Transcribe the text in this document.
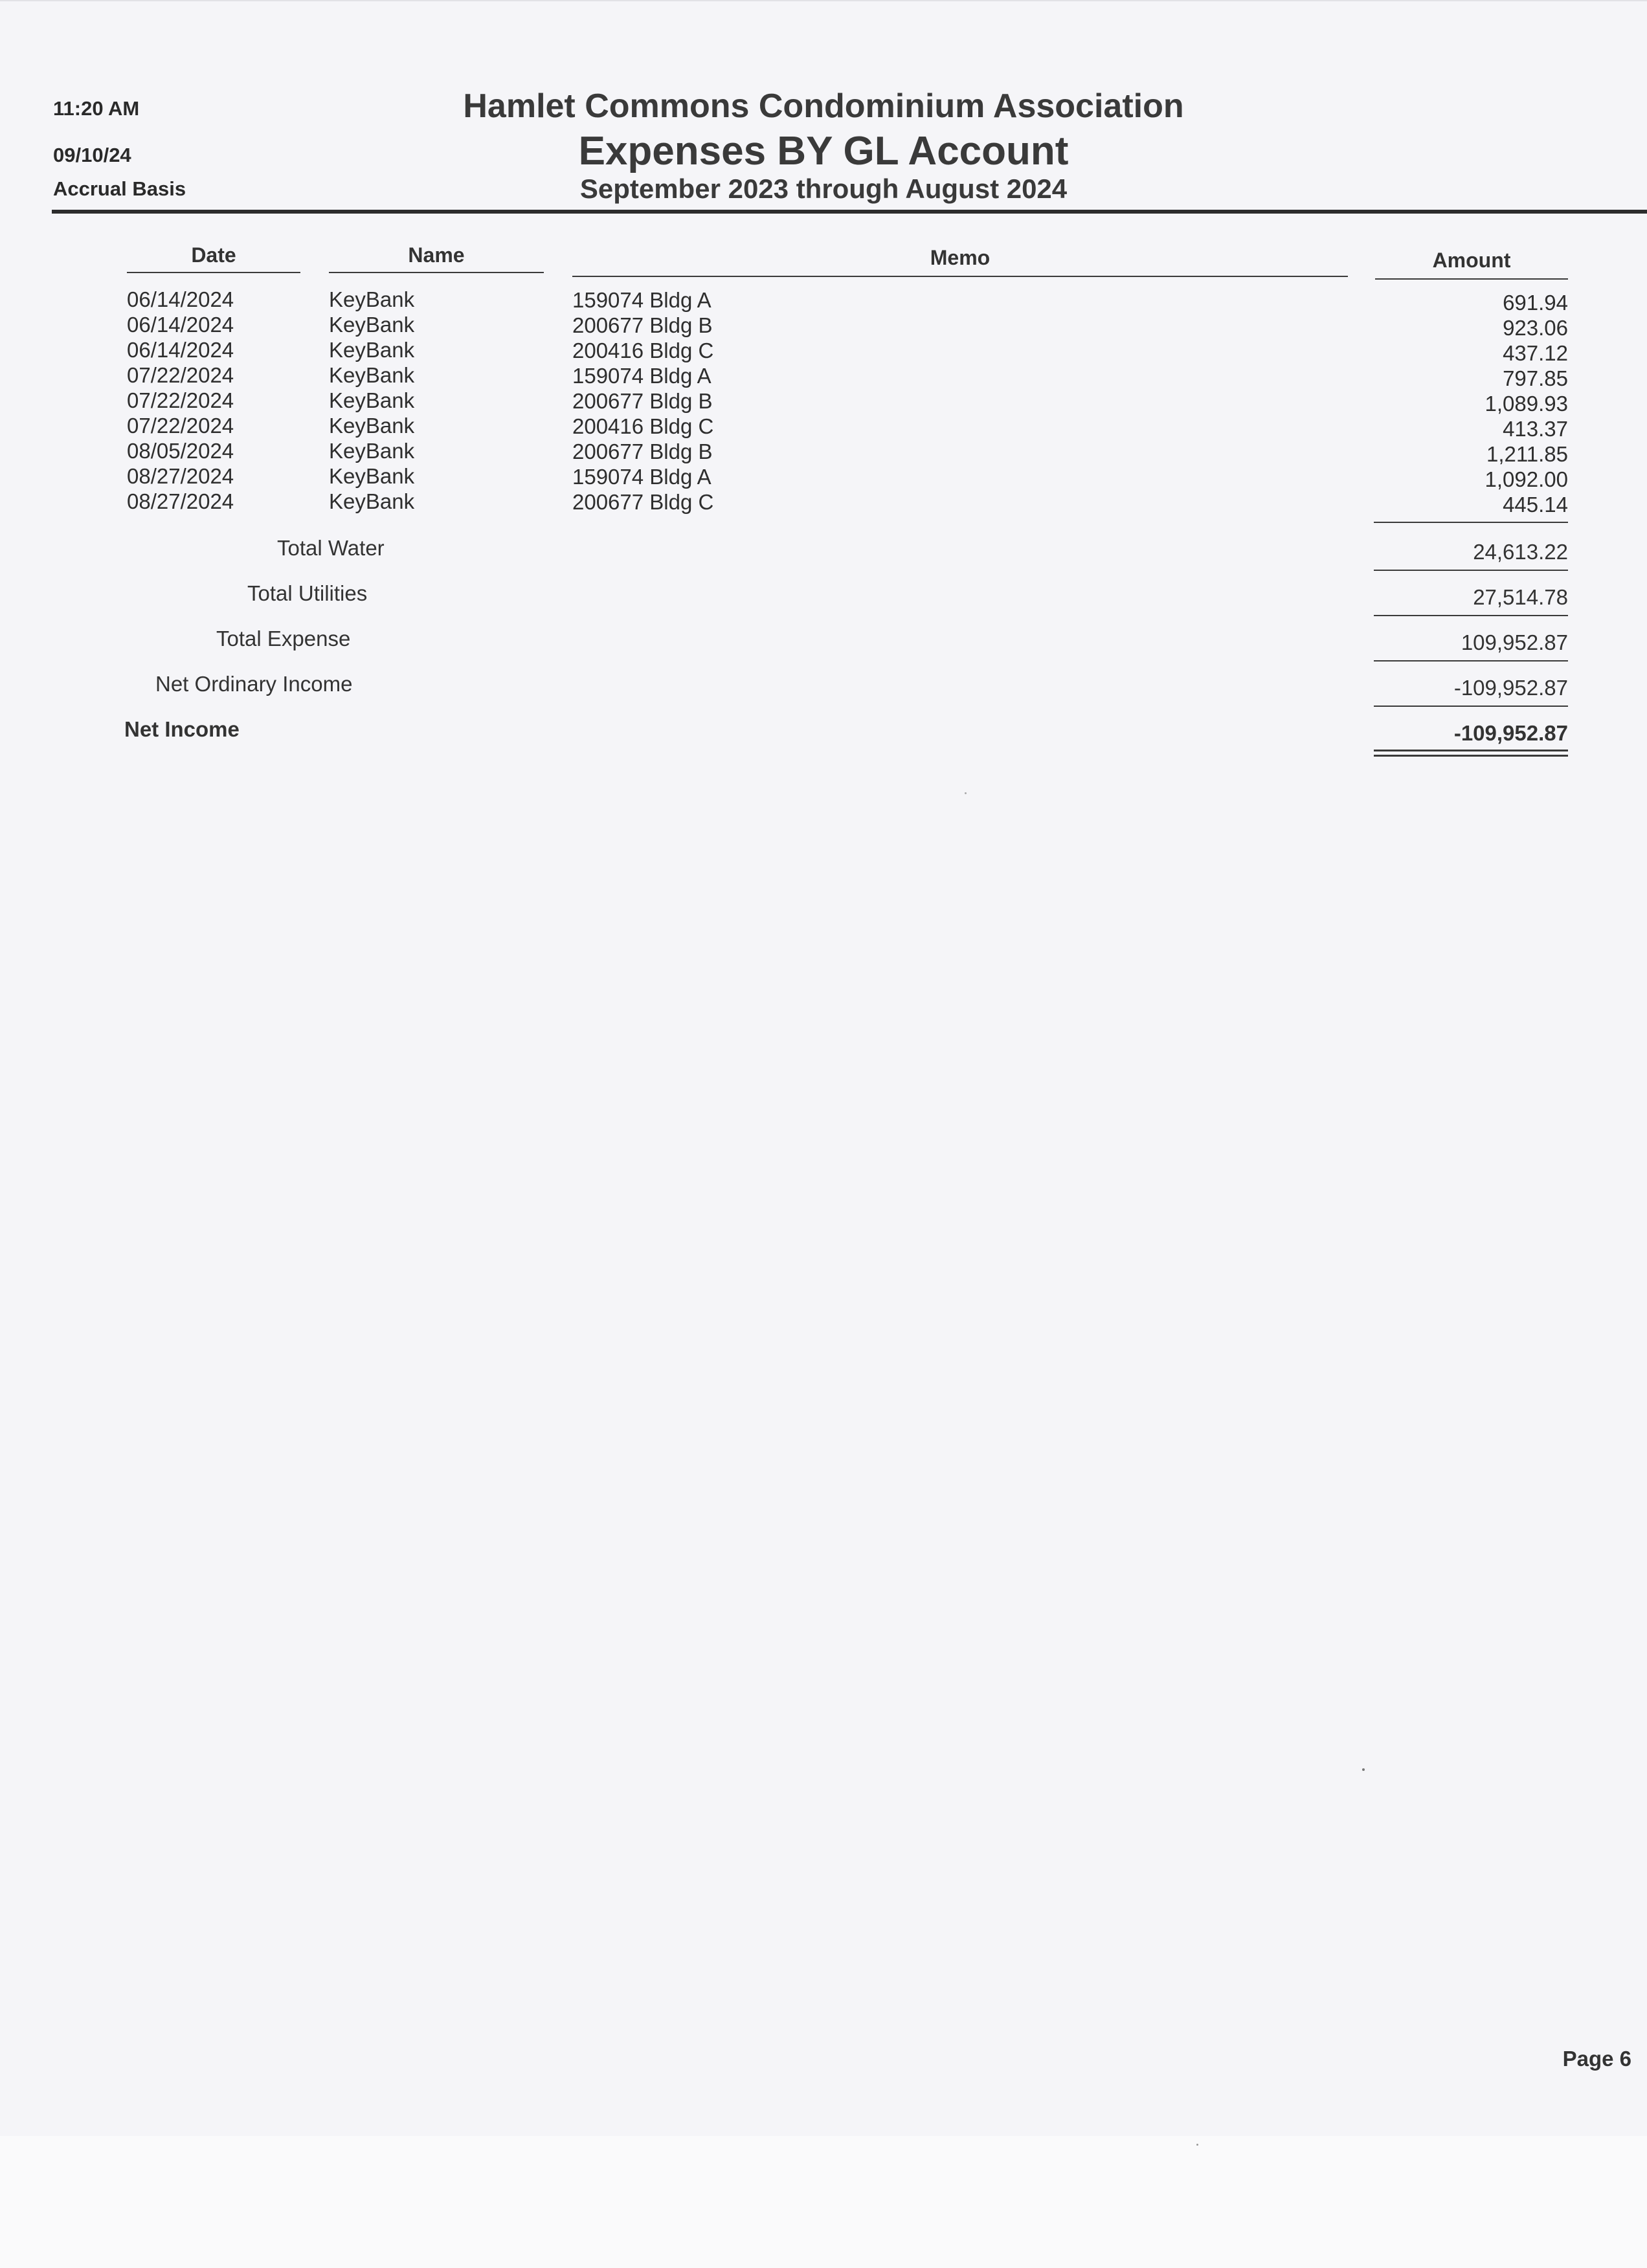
11:20 AM
09/10/24
Accrual Basis
Hamlet Commons Condominium Association
Expenses BY GL Account
September 2023 through August 2024
Date	Name	Memo	Amount
06/14/2024	KeyBank	159074 Bldg A	691.94
06/14/2024	KeyBank	200677 Bldg B	923.06
06/14/2024	KeyBank	200416 Bldg C	437.12
07/22/2024	KeyBank	159074 Bldg A	797.85
07/22/2024	KeyBank	200677 Bldg B	1,089.93
07/22/2024	KeyBank	200416 Bldg C	413.37
08/05/2024	KeyBank	200677 Bldg B	1,211.85
08/27/2024	KeyBank	159074 Bldg A	1,092.00
08/27/2024	KeyBank	200677 Bldg C	445.14
Total Water	24,613.22
Total Utilities	27,514.78
Total Expense	109,952.87
Net Ordinary Income	-109,952.87
Net Income	-109,952.87
Page 6
